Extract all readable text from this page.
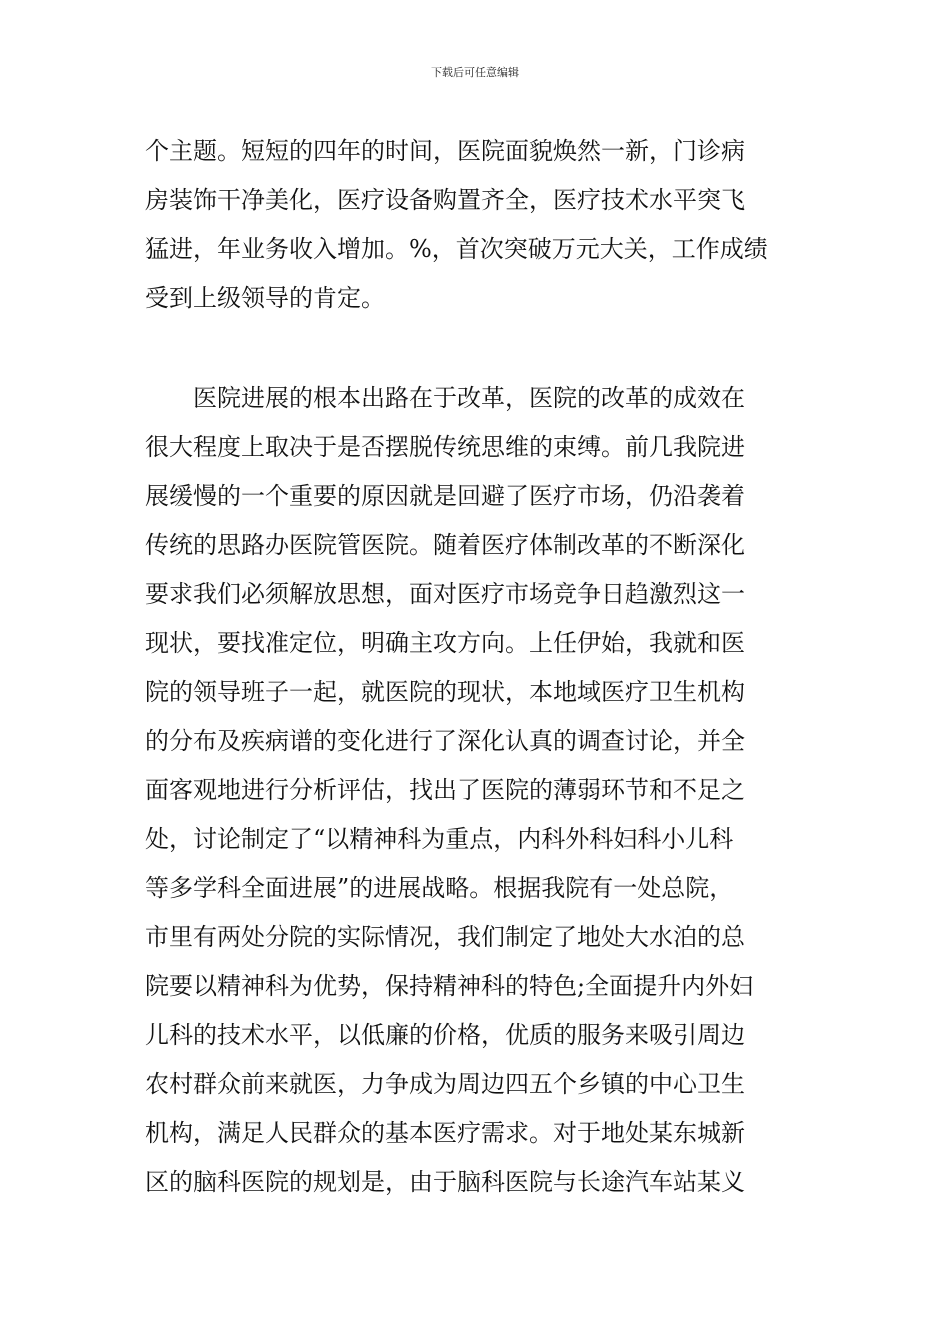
下载后可任意编辑
个主题。短短的四年的时间，医院面貌焕然一新，门诊病
房装饰干净美化，医疗设备购置齐全，医疗技术水平突飞
猛进，年业务收入增加。%，首次突破万元大关，工作成绩
受到上级领导的肯定。
　　医院进展的根本出路在于改革，医院的改革的成效在
很大程度上取决于是否摆脱传统思维的束缚。前几我院进
展缓慢的一个重要的原因就是回避了医疗市场，仍沿袭着
传统的思路办医院管医院。随着医疗体制改革的不断深化
要求我们必须解放思想，面对医疗市场竞争日趋激烈这一
现状，要找准定位，明确主攻方向。上任伊始，我就和医
院的领导班子一起，就医院的现状，本地域医疗卫生机构
的分布及疾病谱的变化进行了深化认真的调查讨论，并全
面客观地进行分析评估，找出了医院的薄弱环节和不足之
处，讨论制定了“以精神科为重点，内科外科妇科小儿科
等多学科全面进展”的进展战略。根据我院有一处总院，
市里有两处分院的实际情况，我们制定了地处大水泊的总
院要以精神科为优势，保持精神科的特色;全面提升内外妇
儿科的技术水平，以低廉的价格，优质的服务来吸引周边
农村群众前来就医，力争成为周边四五个乡镇的中心卫生
机构，满足人民群众的基本医疗需求。对于地处某东城新
区的脑科医院的规划是，由于脑科医院与长途汽车站某义
